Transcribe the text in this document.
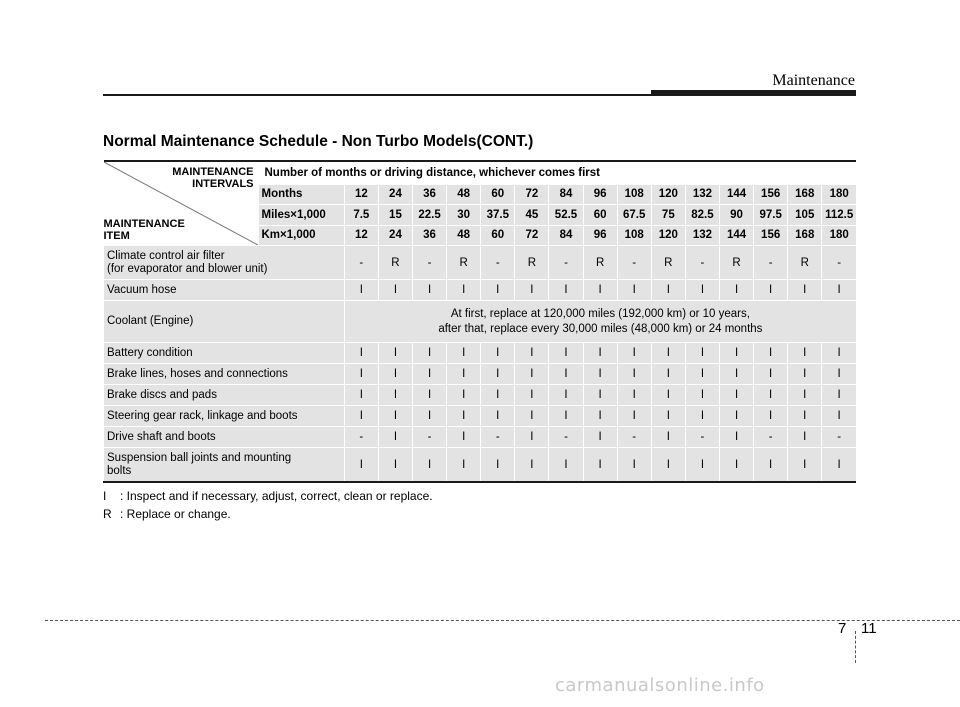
Maintenance
Normal Maintenance Schedule - Non Turbo Models(CONT.)
MAINTENANCE
INTERVALS
MAINTENANCE
ITEM	Number of months or driving distance, whichever comes first															
	Months	12	24	36	48	60	72	84	96	108	120	132	144	156	168	180
	Miles×1,000	7.5	15	22.5	30	37.5	45	52.5	60	67.5	75	82.5	90	97.5	105	112.5
	Km×1,000	12	24	36	48	60	72	84	96	108	120	132	144	156	168	180

Climate control air filter
(for evaporator and blower unit)		-	R	-	R	-	R	-	R	-	R	-	R	-	R	-

Vacuum hose		I	I	I	I	I	I	I	I	I	I	I	I	I	I	I

Coolant (Engine)		At first, replace at 120,000 miles (192,000 km) or 10 years,
after that, replace every 30,000 miles (48,000 km) or 24 months														

Battery condition		I	I	I	I	I	I	I	I	I	I	I	I	I	I	I

Brake lines, hoses and connections		I	I	I	I	I	I	I	I	I	I	I	I	I	I	I

Brake discs and pads		I	I	I	I	I	I	I	I	I	I	I	I	I	I	I

Steering gear rack, linkage and boots		I	I	I	I	I	I	I	I	I	I	I	I	I	I	I

Drive shaft and boots		-	I	-	I	-	I	-	I	-	I	-	I	-	I	-

Suspension ball joints and mounting
bolts		I	I	I	I	I	I	I	I	I	I	I	I	I	I	I
I : Inspect and if necessary, adjust, correct, clean or replace.
R : Replace or change.
7 11
carmanualsonline.info
